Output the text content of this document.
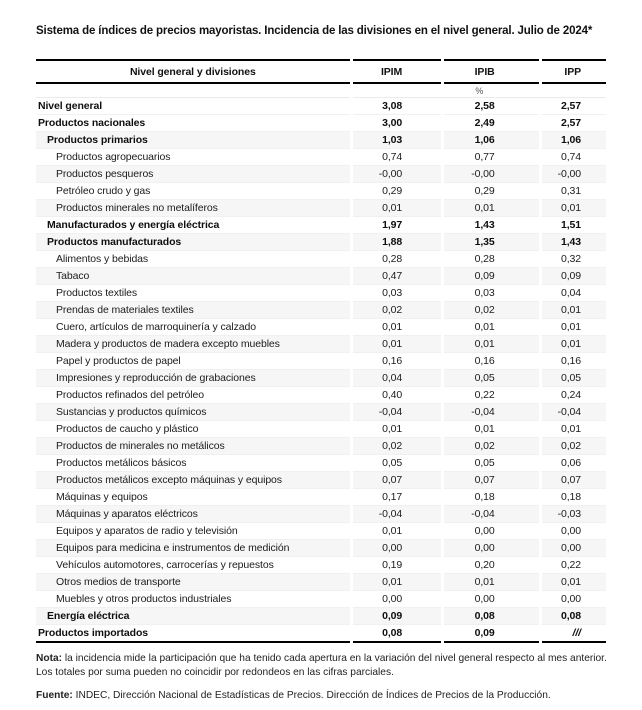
Sistema de índices de precios mayoristas. Incidencia de las divisiones en el nivel general. Julio de 2024*
Nivel general y divisiones	IPIM	IPIB	IPP
	%		
Nivel general	3,08	2,58	2,57
Productos nacionales	3,00	2,49	2,57
Productos primarios	1,03	1,06	1,06
Productos agropecuarios	0,74	0,77	0,74
Productos pesqueros	-0,00	-0,00	-0,00
Petróleo crudo y gas	0,29	0,29	0,31
Productos minerales no metalíferos	0,01	0,01	0,01
Manufacturados y energía eléctrica	1,97	1,43	1,51
Productos manufacturados	1,88	1,35	1,43
Alimentos y bebidas	0,28	0,28	0,32
Tabaco	0,47	0,09	0,09
Productos textiles	0,03	0,03	0,04
Prendas de materiales textiles	0,02	0,02	0,01
Cuero, artículos de marroquinería y calzado	0,01	0,01	0,01
Madera y productos de madera excepto muebles	0,01	0,01	0,01
Papel y productos de papel	0,16	0,16	0,16
Impresiones y reproducción de grabaciones	0,04	0,05	0,05
Productos refinados del petróleo	0,40	0,22	0,24
Sustancias y productos químicos	-0,04	-0,04	-0,04
Productos de caucho y plástico	0,01	0,01	0,01
Productos de minerales no metálicos	0,02	0,02	0,02
Productos metálicos básicos	0,05	0,05	0,06
Productos metálicos excepto máquinas y equipos	0,07	0,07	0,07
Máquinas y equipos	0,17	0,18	0,18
Máquinas y aparatos eléctricos	-0,04	-0,04	-0,03
Equipos y aparatos de radio y televisión	0,01	0,00	0,00
Equipos para medicina e instrumentos de medición	0,00	0,00	0,00
Vehículos automotores, carrocerías y repuestos	0,19	0,20	0,22
Otros medios de transporte	0,01	0,01	0,01
Muebles y otros productos industriales	0,00	0,00	0,00
Energía eléctrica	0,09	0,08	0,08
Productos importados	0,08	0,09	///

Nota: la incidencia mide la participación que ha tenido cada apertura en la variación del nivel general respecto al mes anterior. Los totales por suma pueden no coincidir por redondeos en las cifras parciales.

Fuente: INDEC, Dirección Nacional de Estadísticas de Precios. Dirección de Índices de Precios de la Producción.
